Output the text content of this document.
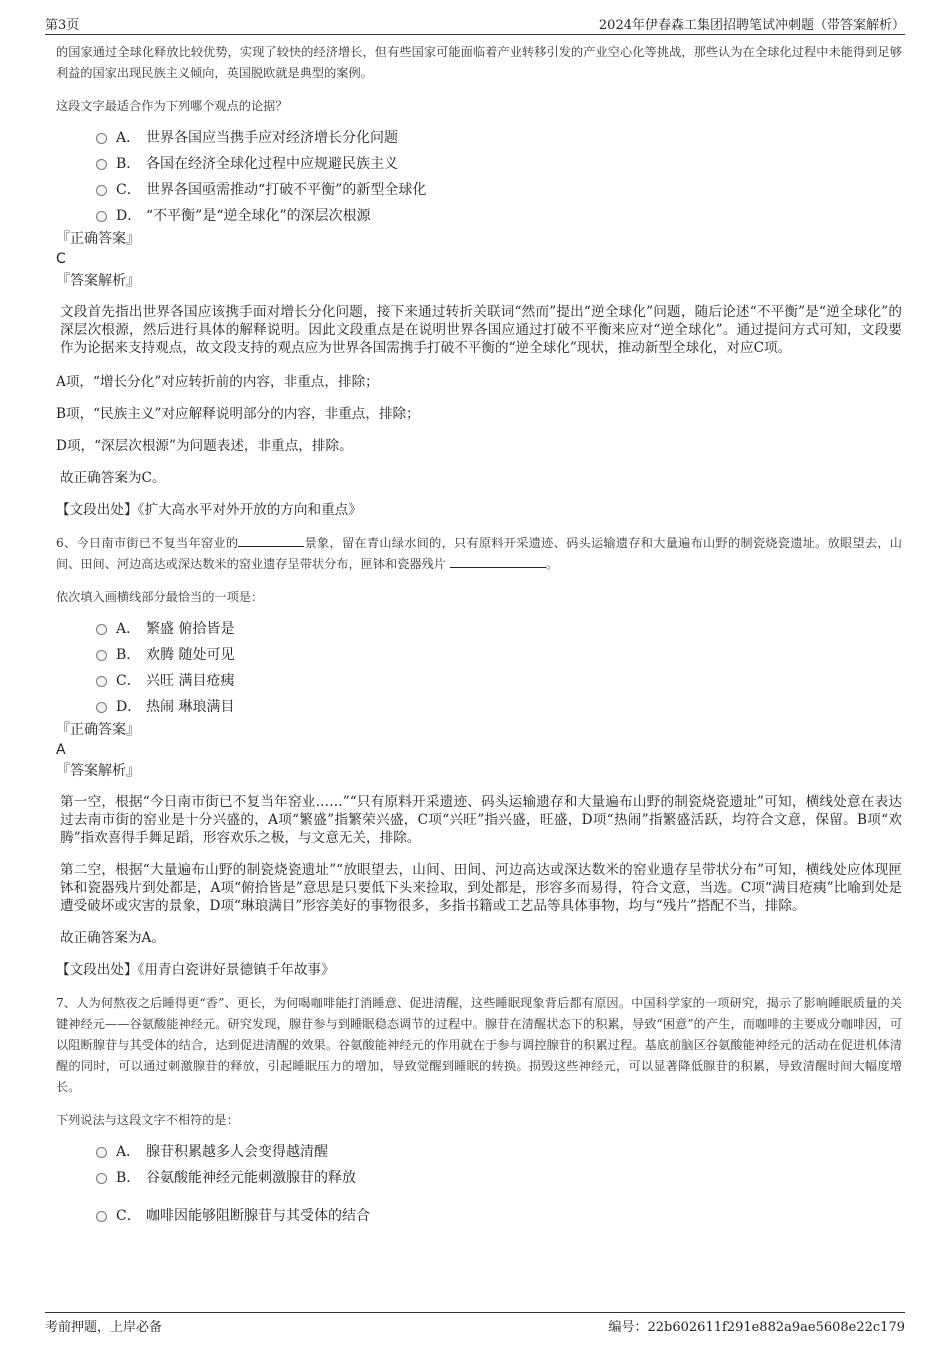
第3页	2024年伊春森工集团招聘笔试冲刺题（带答案解析）
的国家通过全球化释放比较优势，实现了较快的经济增长，但有些国家可能面临着产业转移引发的产业空心化等挑战，那些认为在全球化过程中未能得到足够利益的国家出现民族主义倾向，英国脱欧就是典型的案例。
这段文字最适合作为下列哪个观点的论据？
A． 世界各国应当携手应对经济增长分化问题
B． 各国在经济全球化过程中应规避民族主义
C． 世界各国亟需推动“打破不平衡”的新型全球化
D． “不平衡”是“逆全球化”的深层次根源
『正确答案』
C
『答案解析』
文段首先指出世界各国应该携手面对增长分化问题，接下来通过转折关联词“然而”提出“逆全球化”问题，随后论述“不平衡”是“逆全球化”的深层次根源，然后进行具体的解释说明。因此文段重点是在说明世界各国应通过打破不平衡来应对“逆全球化”。通过提问方式可知，文段要作为论据来支持观点，故文段支持的观点应为世界各国需携手打破不平衡的“逆全球化”现状，推动新型全球化，对应C项。
A项，“增长分化”对应转折前的内容，非重点，排除；
B项，“民族主义”对应解释说明部分的内容，非重点，排除；
D项，“深层次根源”为问题表述，非重点，排除。
故正确答案为C。
【文段出处】《扩大高水平对外开放的方向和重点》
6、今日南市街已不复当年窑业的	景象，留在青山绿水间的，只有原料开采遗迹、码头运输遗存和大量遍布山野的制瓷烧瓷遗址。放眼望去，山间、田间、河边高达或深达数米的窑业遗存呈带状分布，匣钵和瓷器残片	。
依次填入画横线部分最恰当的一项是：
A． 繁盛 俯拾皆是
B． 欢腾 随处可见
C． 兴旺 满目疮痍
D． 热闹 琳琅满目
『正确答案』
A
『答案解析』
第一空，根据“今日南市街已不复当年窑业……”“只有原料开采遗迹、码头运输遗存和大量遍布山野的制瓷烧瓷遗址”可知，横线处意在表达过去南市街的窑业是十分兴盛的，A项“繁盛”指繁荣兴盛，C项“兴旺”指兴盛，旺盛，D项“热闹”指繁盛活跃，均符合文意，保留。B项“欢腾”指欢喜得手舞足蹈，形容欢乐之极，与文意无关，排除。
第二空，根据“大量遍布山野的制瓷烧瓷遗址”“放眼望去，山间、田间、河边高达或深达数米的窑业遗存呈带状分布”可知，横线处应体现匣钵和瓷器残片到处都是，A项“俯拾皆是”意思是只要低下头来捡取，到处都是，形容多而易得，符合文意，当选。C项“满目疮痍”比喻到处是遭受破坏或灾害的景象，D项“琳琅满目”形容美好的事物很多，多指书籍或工艺品等具体事物，均与“残片”搭配不当，排除。
故正确答案为A。
【文段出处】《用青白瓷讲好景德镇千年故事》
7、人为何熬夜之后睡得更“香”、更长，为何喝咖啡能打消睡意、促进清醒，这些睡眠现象背后都有原因。中国科学家的一项研究，揭示了影响睡眠质量的关键神经元——谷氨酸能神经元。研究发现，腺苷参与到睡眠稳态调节的过程中。腺苷在清醒状态下的积累，导致“困意”的产生，而咖啡的主要成分咖啡因，可以阻断腺苷与其受体的结合，达到促进清醒的效果。谷氨酸能神经元的作用就在于参与调控腺苷的积累过程。基底前脑区谷氨酸能神经元的活动在促进机体清醒的同时，可以通过刺激腺苷的释放，引起睡眠压力的增加，导致觉醒到睡眠的转换。损毁这些神经元，可以显著降低腺苷的积累，导致清醒时间大幅度增长。
下列说法与这段文字不相符的是：
A． 腺苷积累越多人会变得越清醒
B． 谷氨酸能神经元能刺激腺苷的释放
C． 咖啡因能够阻断腺苷与其受体的结合
考前押题，上岸必备	编号：22b602611f291e882a9ae5608e22c179
